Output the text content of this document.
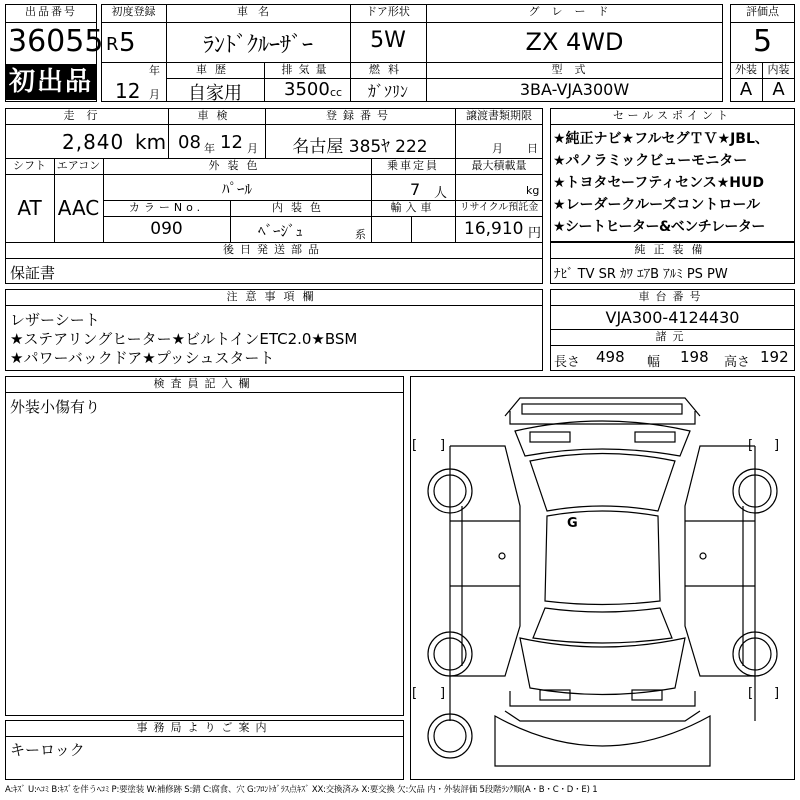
出品番号
36055
初出品
初度登録
R 5
年
12 月
車名
ﾗﾝﾄﾞｸﾙｰｻﾞｰ
ドア形状
5W
グレード
ZX 4WD
車歴
自家用
排気量
3500 cc
燃料
ｶﾞｿﾘﾝ
型式
3BA-VJA300W
評価点
5
外装 内装
A	A
走行
2,840 km
車検
08 年 12 月
登録番号
名古屋 385ﾔ 222
譲渡書類期限
月 日
シフト
AT
エアコン
AAC
外装色
ﾊﾟｰﾙ
乗車定員
7 人
最大積載量
kg
カラーNo.
090
内装色
ﾍﾞｰｼﾞｭ	系
輸入車	リサイクル預託金
16,910 円
後日発送部品
保証書
セールスポイント
★純正ナビ★フルセグＴＶ★JBL、
★パノラミックビューモニター
★トヨタセーフティセンス★HUD
★レーダークルーズコントロール
★シートヒーター&ベンチレーター
純正装備
ﾅﾋﾞ TV SR ｶﾜ ｴｱB ｱﾙﾐ PS PW
注意事項欄
レザーシート
★ステアリングヒーター★ビルトインETC2.0★BSM
★パワーバックドア★プッシュスタート
車台番号
VJA300-4124430
諸元
長さ 498 幅 198 高さ 192
検査員記入欄
外装小傷有り
事務局よりご案内
キーロック
G
[ ]	[ ]
[ ]	[ ]
A:ｷｽﾞ U:ﾍｺﾐ B:ｷｽﾞを伴うﾍｺﾐ P:要塗装 W:補修跡 S:錆 C:腐食、穴 G:ﾌﾛﾝﾄｶﾞﾗｽ点ｷｽﾞ XX:交換済み X:要交換 欠:欠品 内・外装評価 5段階ﾗﾝｸ順(A・B・C・D・E) 1
